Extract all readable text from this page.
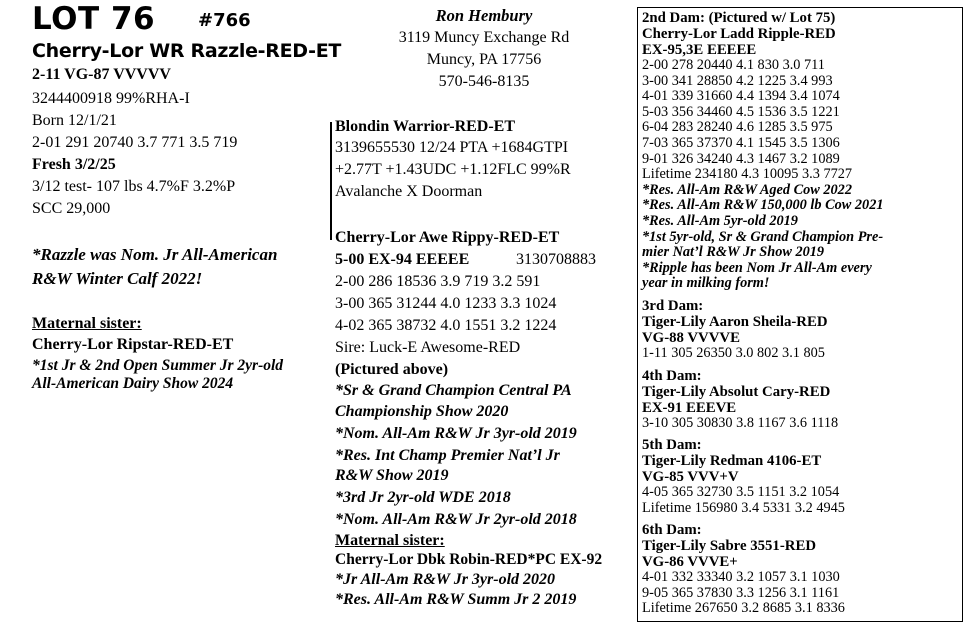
LOT 76 #766
Cherry-Lor WR Razzle-RED-ET
2-11 VG-87 VVVVV
3244400918 99%RHA-I
Born 12/1/21
2-01 291 20740 3.7 771 3.5 719
Fresh 3/2/25
3/12 test- 107 lbs 4.7%F 3.2%P
SCC 29,000
*Razzle was Nom. Jr All-American
R&W Winter Calf 2022!
Maternal sister:
Cherry-Lor Ripstar-RED-ET
*1st Jr & 2nd Open Summer Jr 2yr-old
All-American Dairy Show 2024
Ron Hembury
3119 Muncy Exchange Rd
Muncy, PA 17756
570-546-8135
Blondin Warrior-RED-ET
3139655530 12/24 PTA +1684GTPI
+2.77T +1.43UDC +1.12FLC 99%R
Avalanche X Doorman
Cherry-Lor Awe Rippy-RED-ET
5-00 EX-94 EEEEE	3130708883
2-00 286 18536 3.9 719 3.2 591
3-00 365 31244 4.0 1233 3.3 1024
4-02 365 38732 4.0 1551 3.2 1224
Sire: Luck-E Awesome-RED
(Pictured above)
*Sr & Grand Champion Central PA
Championship Show 2020
*Nom. All-Am R&W Jr 3yr-old 2019
*Res. Int Champ Premier Nat’l Jr
R&W Show 2019
*3rd Jr 2yr-old WDE 2018
*Nom. All-Am R&W Jr 2yr-old 2018
Maternal sister:
Cherry-Lor Dbk Robin-RED*PC EX-92
*Jr All-Am R&W Jr 3yr-old 2020
*Res. All-Am R&W Summ Jr 2 2019
2nd Dam: (Pictured w/ Lot 75)
Cherry-Lor Ladd Ripple-RED
EX-95,3E EEEEE
2-00 278 20440 4.1 830 3.0 711
3-00 341 28850 4.2 1225 3.4 993
4-01 339 31660 4.4 1394 3.4 1074
5-03 356 34460 4.5 1536 3.5 1221
6-04 283 28240 4.6 1285 3.5 975
7-03 365 37370 4.1 1545 3.5 1306
9-01 326 34240 4.3 1467 3.2 1089
Lifetime 234180 4.3 10095 3.3 7727
*Res. All-Am R&W Aged Cow 2022
*Res. All-Am R&W 150,000 lb Cow 2021
*Res. All-Am 5yr-old 2019
*1st 5yr-old, Sr & Grand Champion Pre-
mier Nat’l R&W Jr Show 2019
*Ripple has been Nom Jr All-Am every
year in milking form!
3rd Dam:
Tiger-Lily Aaron Sheila-RED
VG-88 VVVVE
1-11 305 26350 3.0 802 3.1 805
4th Dam:
Tiger-Lily Absolut Cary-RED
EX-91 EEEVE
3-10 305 30830 3.8 1167 3.6 1118
5th Dam:
Tiger-Lily Redman 4106-ET
VG-85 VVV+V
4-05 365 32730 3.5 1151 3.2 1054
Lifetime 156980 3.4 5331 3.2 4945
6th Dam:
Tiger-Lily Sabre 3551-RED
VG-86 VVVE+
4-01 332 33340 3.2 1057 3.1 1030
9-05 365 37830 3.3 1256 3.1 1161
Lifetime 267650 3.2 8685 3.1 8336
